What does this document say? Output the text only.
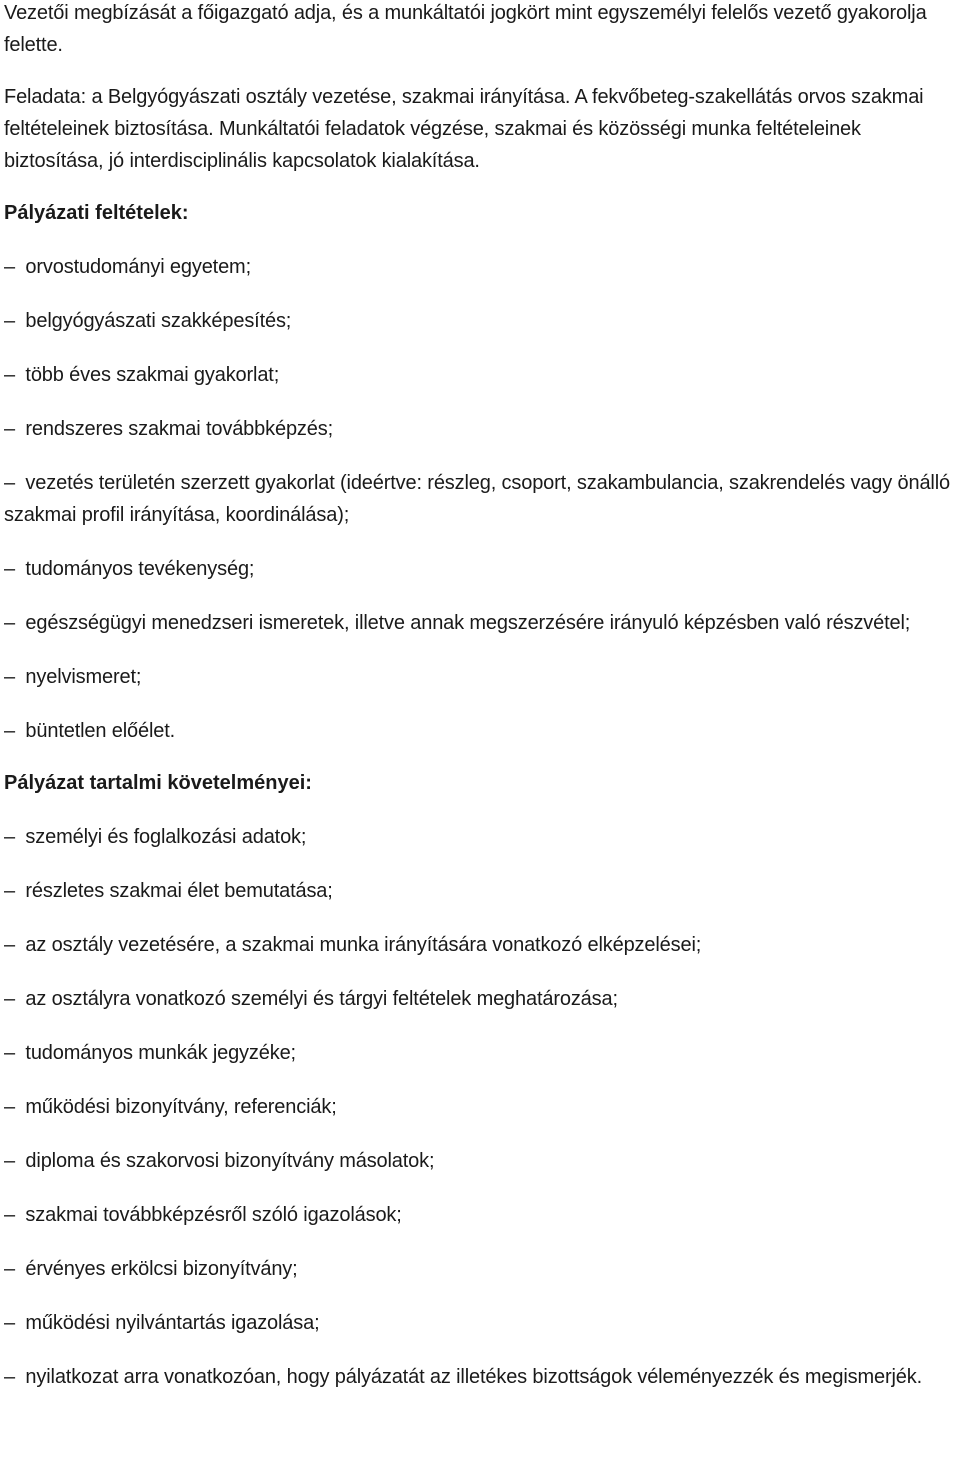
Vezetői megbízását a főigazgató adja, és a munkáltatói jogkört mint egyszemélyi felelős vezető gyakorolja felette.

Feladata: a Belgyógyászati osztály vezetése, szakmai irányítása. A fekvőbeteg-szakellátás orvos szakmai feltételeinek biztosítása. Munkáltatói feladatok végzése, szakmai és közösségi munka feltételeinek biztosítása, jó interdisciplinális kapcsolatok kialakítása.

Pályázati feltételek:
– orvostudományi egyetem;
– belgyógyászati szakképesítés;
– több éves szakmai gyakorlat;
– rendszeres szakmai továbbképzés;
– vezetés területén szerzett gyakorlat (ideértve: részleg, csoport, szakambulancia, szakrendelés vagy önálló szakmai profil irányítása, koordinálása);
– tudományos tevékenység;
– egészségügyi menedzseri ismeretek, illetve annak megszerzésére irányuló képzésben való részvétel;
– nyelvismeret;
– büntetlen előélet.
Pályázat tartalmi követelményei:
– személyi és foglalkozási adatok;
– részletes szakmai élet bemutatása;
– az osztály vezetésére, a szakmai munka irányítására vonatkozó elképzelései;
– az osztályra vonatkozó személyi és tárgyi feltételek meghatározása;
– tudományos munkák jegyzéke;
– működési bizonyítvány, referenciák;
– diploma és szakorvosi bizonyítvány másolatok;
– szakmai továbbképzésről szóló igazolások;
– érvényes erkölcsi bizonyítvány;
– működési nyilvántartás igazolása;
– nyilatkozat arra vonatkozóan, hogy pályázatát az illetékes bizottságok véleményezzék és megismerjék.
